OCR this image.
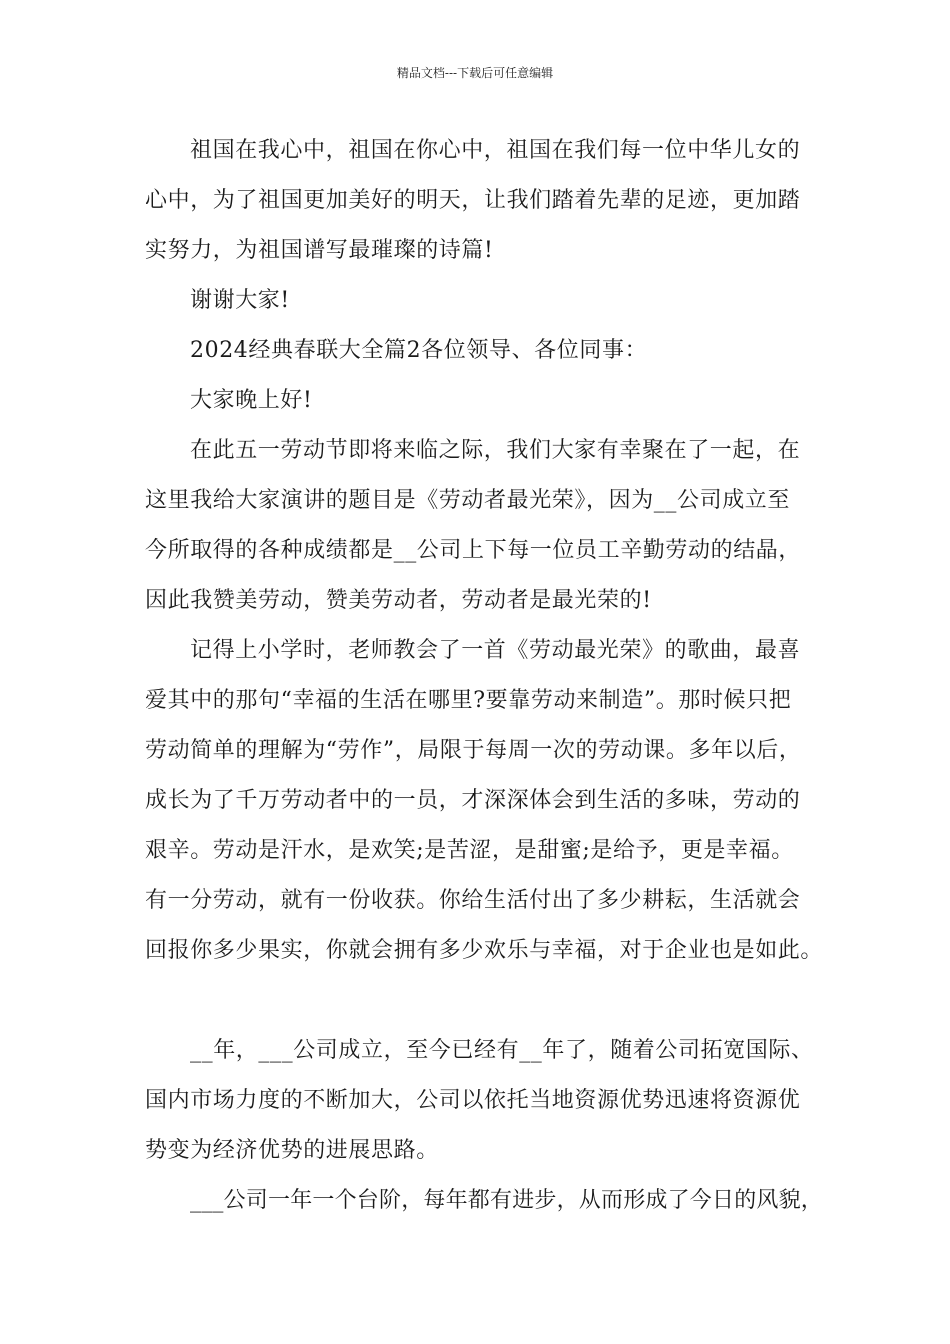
精品文档---下载后可任意编辑
祖国在我心中，祖国在你心中，祖国在我们每一位中华儿女的
心中，为了祖国更加美好的明天，让我们踏着先辈的足迹，更加踏
实努力，为祖国谱写最璀璨的诗篇!
谢谢大家!
2024经典春联大全篇2各位领导、各位同事：
大家晚上好!
在此五一劳动节即将来临之际，我们大家有幸聚在了一起，在
这里我给大家演讲的题目是《劳动者最光荣》，因为__公司成立至
今所取得的各种成绩都是__公司上下每一位员工辛勤劳动的结晶，
因此我赞美劳动，赞美劳动者，劳动者是最光荣的!
记得上小学时，老师教会了一首《劳动最光荣》的歌曲，最喜
爱其中的那句“幸福的生活在哪里?要靠劳动来制造”。那时候只把
劳动简单的理解为“劳作”，局限于每周一次的劳动课。多年以后，
成长为了千万劳动者中的一员，才深深体会到生活的多味，劳动的
艰辛。劳动是汗水，是欢笑;是苦涩，是甜蜜;是给予，更是幸福。
有一分劳动，就有一份收获。你给生活付出了多少耕耘，生活就会
回报你多少果实，你就会拥有多少欢乐与幸福，对于企业也是如此。
__年，___公司成立，至今已经有__年了，随着公司拓宽国际、
国内市场力度的不断加大，公司以依托当地资源优势迅速将资源优
势变为经济优势的进展思路。
___公司一年一个台阶，每年都有进步，从而形成了今日的风貌，
